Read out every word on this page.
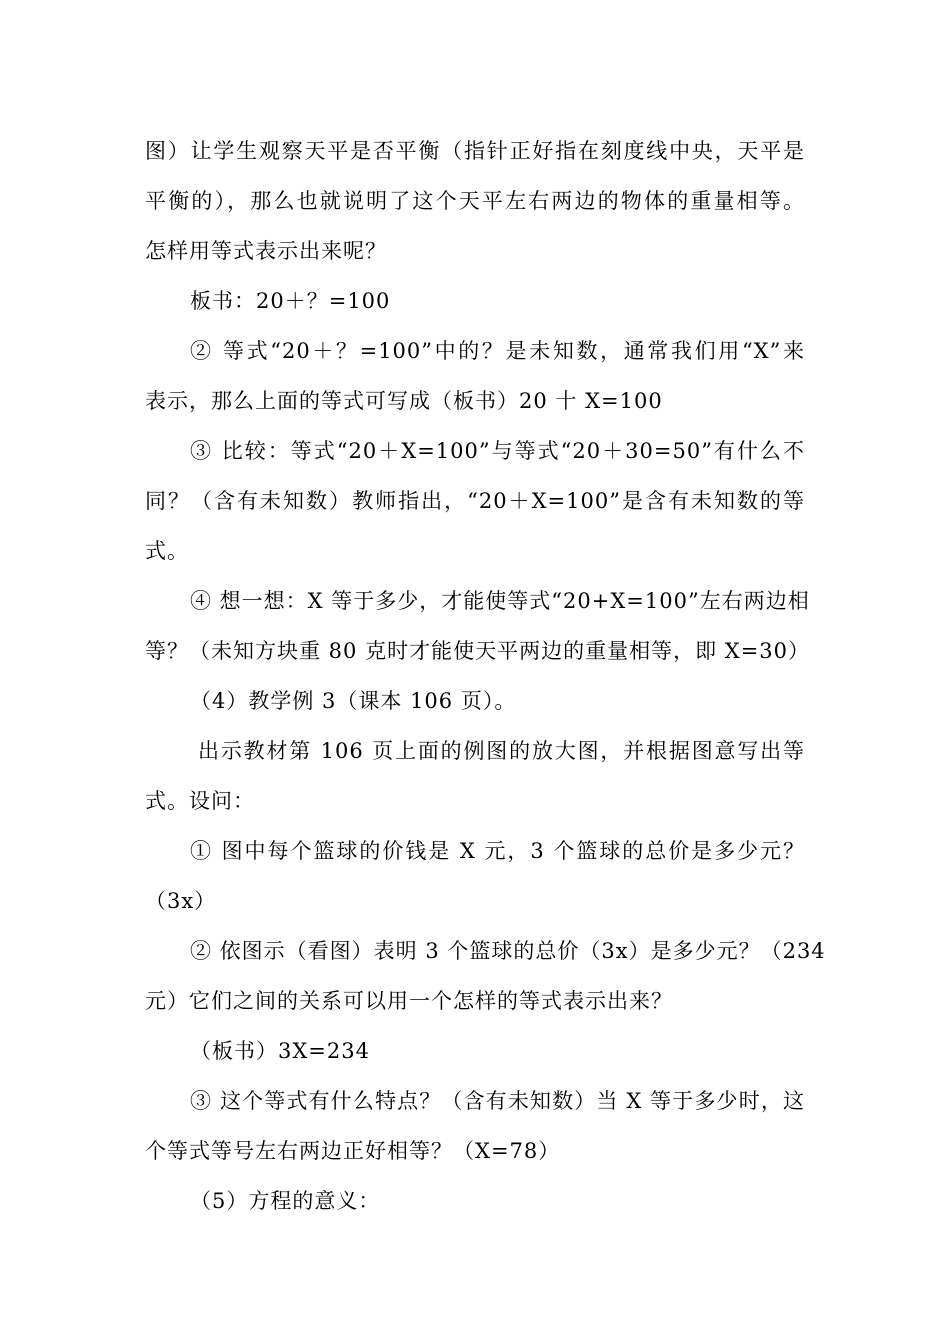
图）让学生观察天平是否平衡（指针正好指在刻度线中央，天平是
平衡的），那么也就说明了这个天平左右两边的物体的重量相等。
怎样用等式表示出来呢？
板书：20＋？=100
② 等式“20＋？=100”中的？是未知数，通常我们用“X”来
表示，那么上面的等式可写成（板书）20 十 X=100
③ 比较：等式“20＋X=100”与等式“20＋30=50”有什么不
同？（含有未知数）教师指出，“20＋X=100”是含有未知数的等
式。
④ 想一想：X 等于多少，才能使等式“20+X=100”左右两边相
等？（未知方块重 80 克时才能使天平两边的重量相等，即 X=30）
（4）教学例 3（课本 106 页）。
出示教材第 106 页上面的例图的放大图，并根据图意写出等
式。设问：
① 图中每个篮球的价钱是 X 元，3 个篮球的总价是多少元？
（3x）
② 依图示（看图）表明 3 个篮球的总价（3x）是多少元？（234
元）它们之间的关系可以用一个怎样的等式表示出来？
（板书）3X=234
③ 这个等式有什么特点？（含有未知数）当 X 等于多少时，这
个等式等号左右两边正好相等？（X=78）
（5）方程的意义：
